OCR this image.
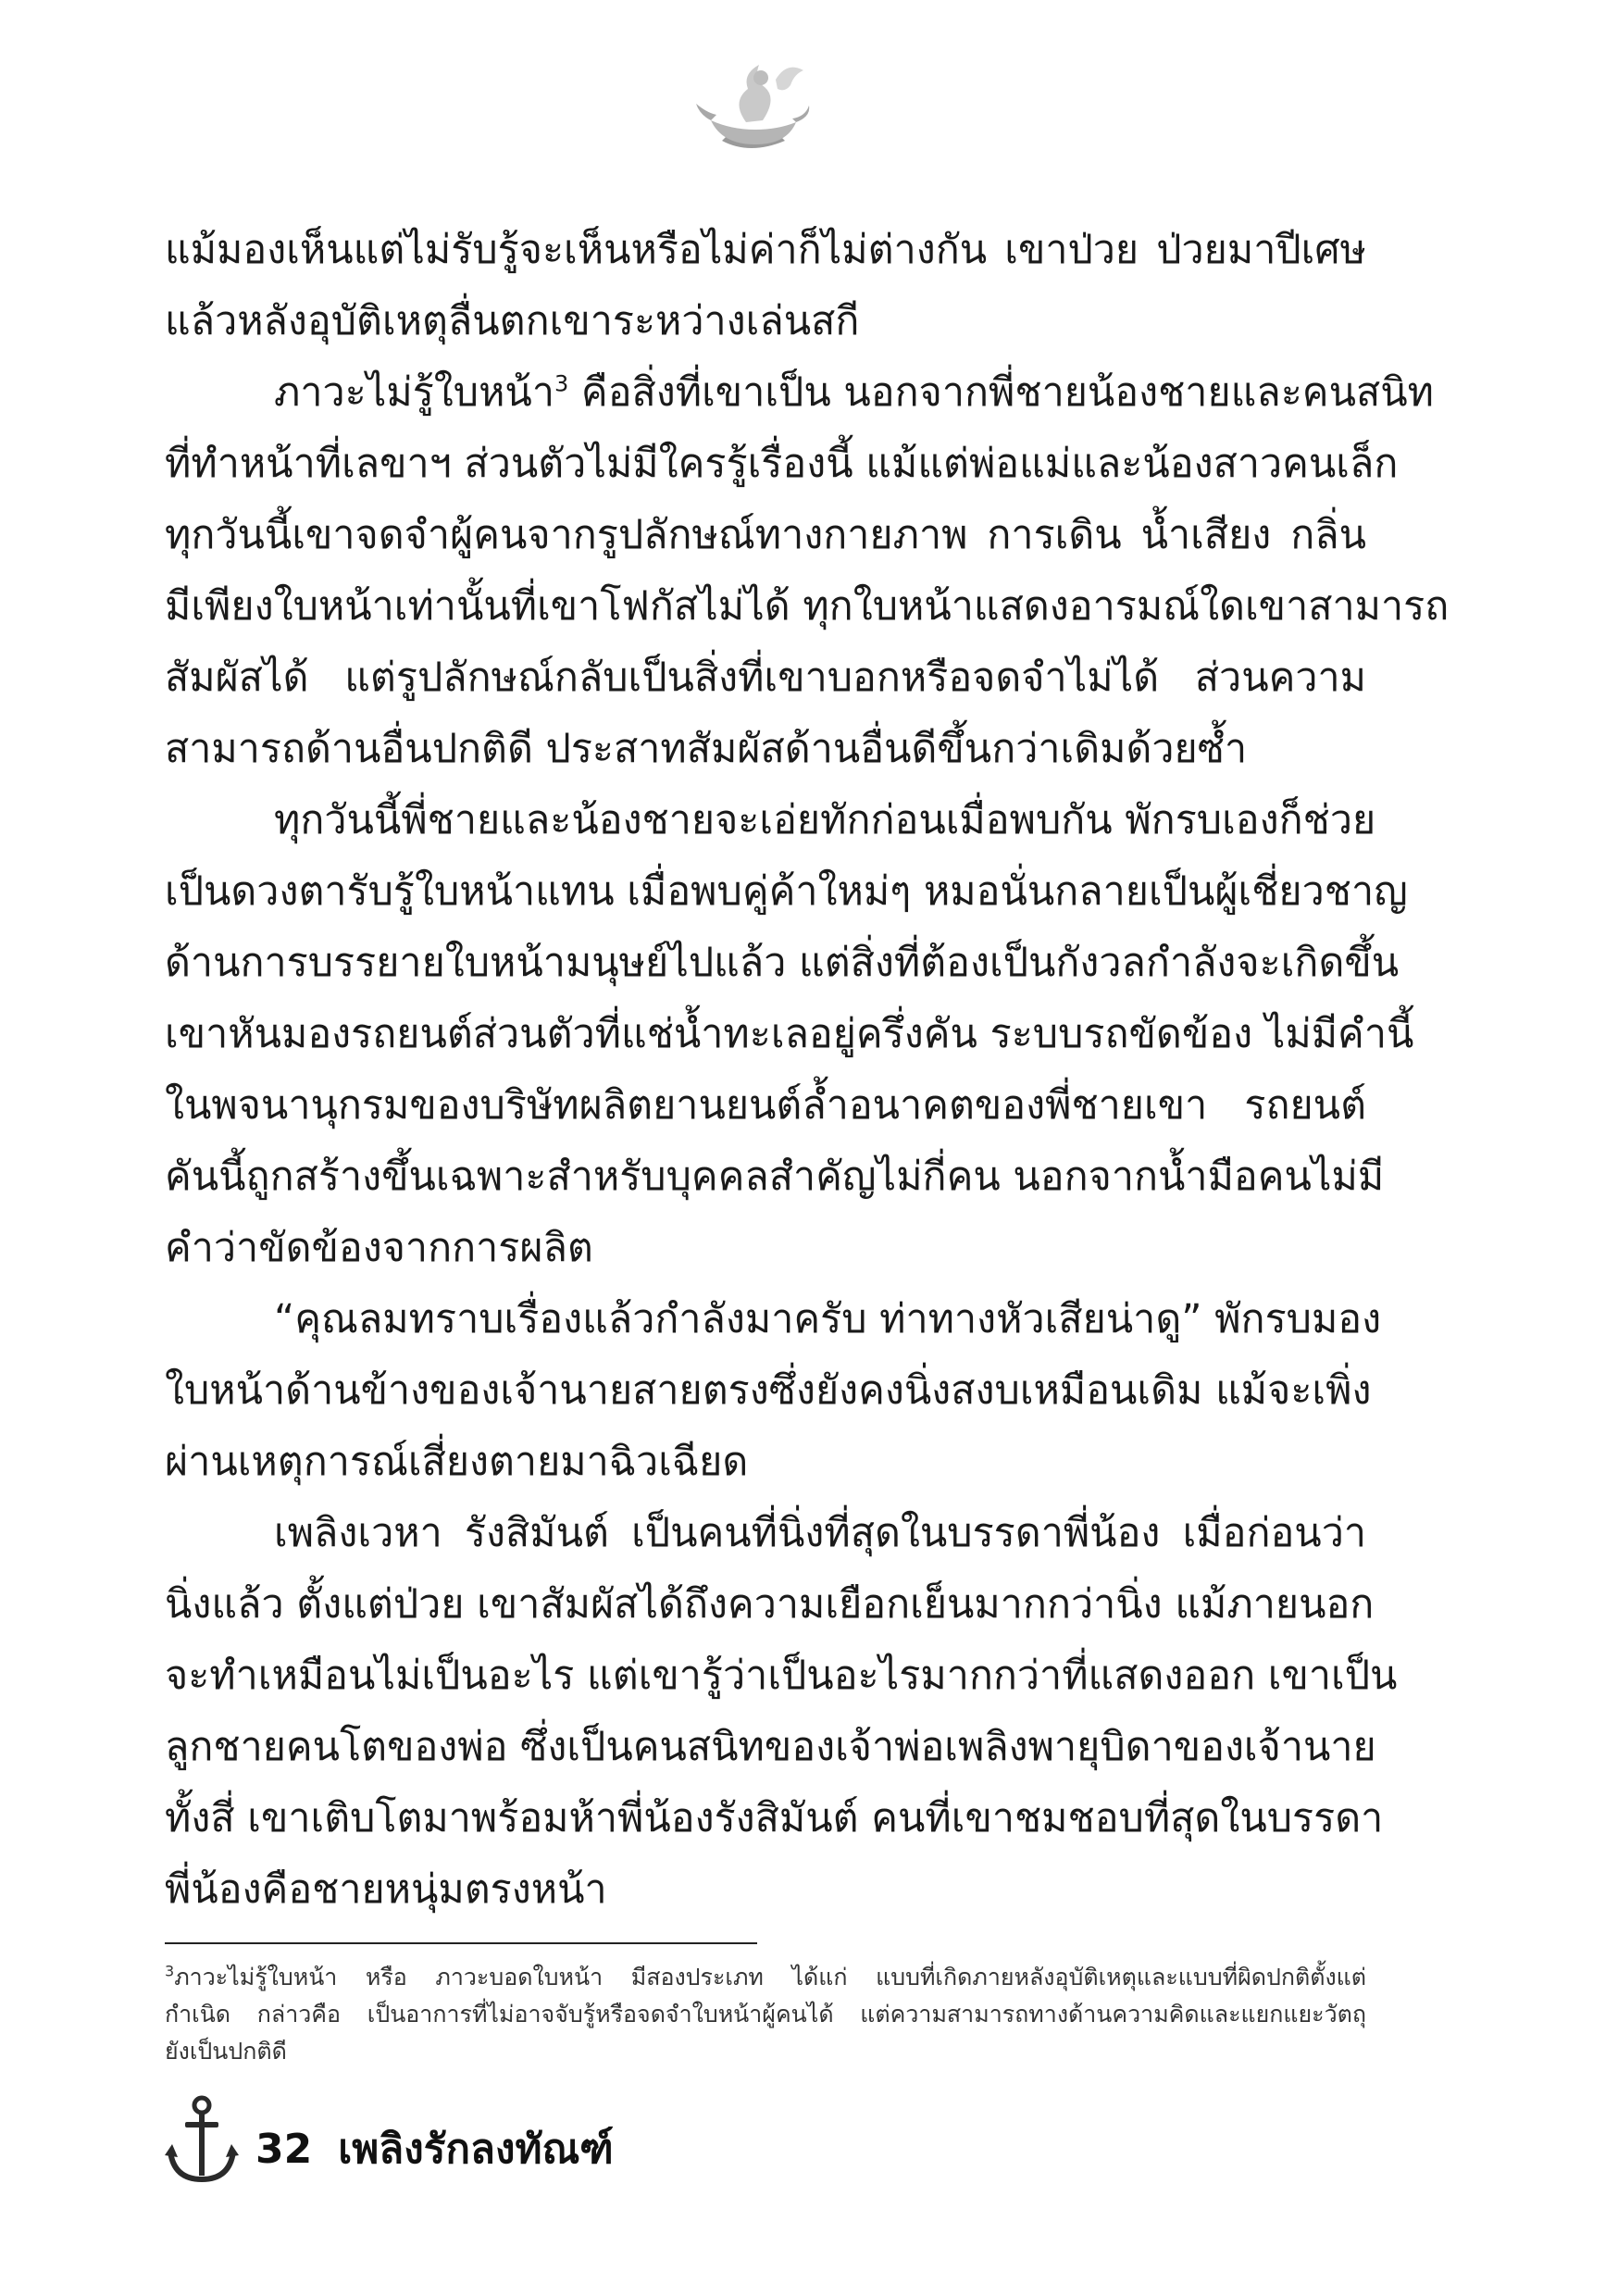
แม้มองเห็นแต่ไม่รับรู้จะเห็นหรือไม่ค่าก็ไม่ต่างกัน เขาป่วย ป่วยมาปีเศษ
แล้วหลังอุบัติเหตุลื่นตกเขาระหว่างเล่นสกี
ภาวะไม่รู้ใบหน้า$^3$ คือสิ่งที่เขาเป็น นอกจากพี่ชายน้องชายและคนสนิท
ที่ทำหน้าที่เลขาฯ ส่วนตัวไม่มีใครรู้เรื่องนี้ แม้แต่พ่อแม่และน้องสาวคนเล็ก
ทุกวันนี้เขาจดจำผู้คนจากรูปลักษณ์ทางกายภาพ การเดิน น้ำเสียง กลิ่น
มีเพียงใบหน้าเท่านั้นที่เขาโฟกัสไม่ได้ ทุกใบหน้าแสดงอารมณ์ใดเขาสามารถ
สัมผัสได้ แต่รูปลักษณ์กลับเป็นสิ่งที่เขาบอกหรือจดจำไม่ได้ ส่วนความ
สามารถด้านอื่นปกติดี ประสาทสัมผัสด้านอื่นดีขึ้นกว่าเดิมด้วยซ้ำ
ทุกวันนี้พี่ชายและน้องชายจะเอ่ยทักก่อนเมื่อพบกัน พักรบเองก็ช่วย
เป็นดวงตารับรู้ใบหน้าแทน เมื่อพบคู่ค้าใหม่ๆ หมอนั่นกลายเป็นผู้เชี่ยวชาญ
ด้านการบรรยายใบหน้ามนุษย์ไปแล้ว แต่สิ่งที่ต้องเป็นกังวลกำลังจะเกิดขึ้น
เขาหันมองรถยนต์ส่วนตัวที่แช่น้ำทะเลอยู่ครึ่งคัน ระบบรถขัดข้อง ไม่มีคำนี้
ในพจนานุกรมของบริษัทผลิตยานยนต์ล้ำอนาคตของพี่ชายเขา รถยนต์
คันนี้ถูกสร้างขึ้นเฉพาะสำหรับบุคคลสำคัญไม่กี่คน นอกจากน้ำมือคนไม่มี
คำว่าขัดข้องจากการผลิต
“คุณลมทราบเรื่องแล้วกำลังมาครับ ท่าทางหัวเสียน่าดู” พักรบมอง
ใบหน้าด้านข้างของเจ้านายสายตรงซึ่งยังคงนิ่งสงบเหมือนเดิม แม้จะเพิ่ง
ผ่านเหตุการณ์เสี่ยงตายมาฉิวเฉียด
เพลิงเวหา รังสิมันต์ เป็นคนที่นิ่งที่สุดในบรรดาพี่น้อง เมื่อก่อนว่า
นิ่งแล้ว ตั้งแต่ป่วย เขาสัมผัสได้ถึงความเยือกเย็นมากกว่านิ่ง แม้ภายนอก
จะทำเหมือนไม่เป็นอะไร แต่เขารู้ว่าเป็นอะไรมากกว่าที่แสดงออก เขาเป็น
ลูกชายคนโตของพ่อ ซึ่งเป็นคนสนิทของเจ้าพ่อเพลิงพายุบิดาของเจ้านาย
ทั้งสี่ เขาเติบโตมาพร้อมห้าพี่น้องรังสิมันต์ คนที่เขาชมชอบที่สุดในบรรดา
พี่น้องคือชายหนุ่มตรงหน้า
$^3$ภาวะไม่รู้ใบหน้า หรือ ภาวะบอดใบหน้า มีสองประเภท ได้แก่ แบบที่เกิดภายหลังอุบัติเหตุและแบบที่ผิดปกติตั้งแต่
กำเนิด กล่าวคือ เป็นอาการที่ไม่อาจจับรู้หรือจดจำใบหน้าผู้คนได้ แต่ความสามารถทางด้านความคิดและแยกแยะวัตถุ
ยังเป็นปกติดี
32 เพลิงรักลงทัณฑ์
